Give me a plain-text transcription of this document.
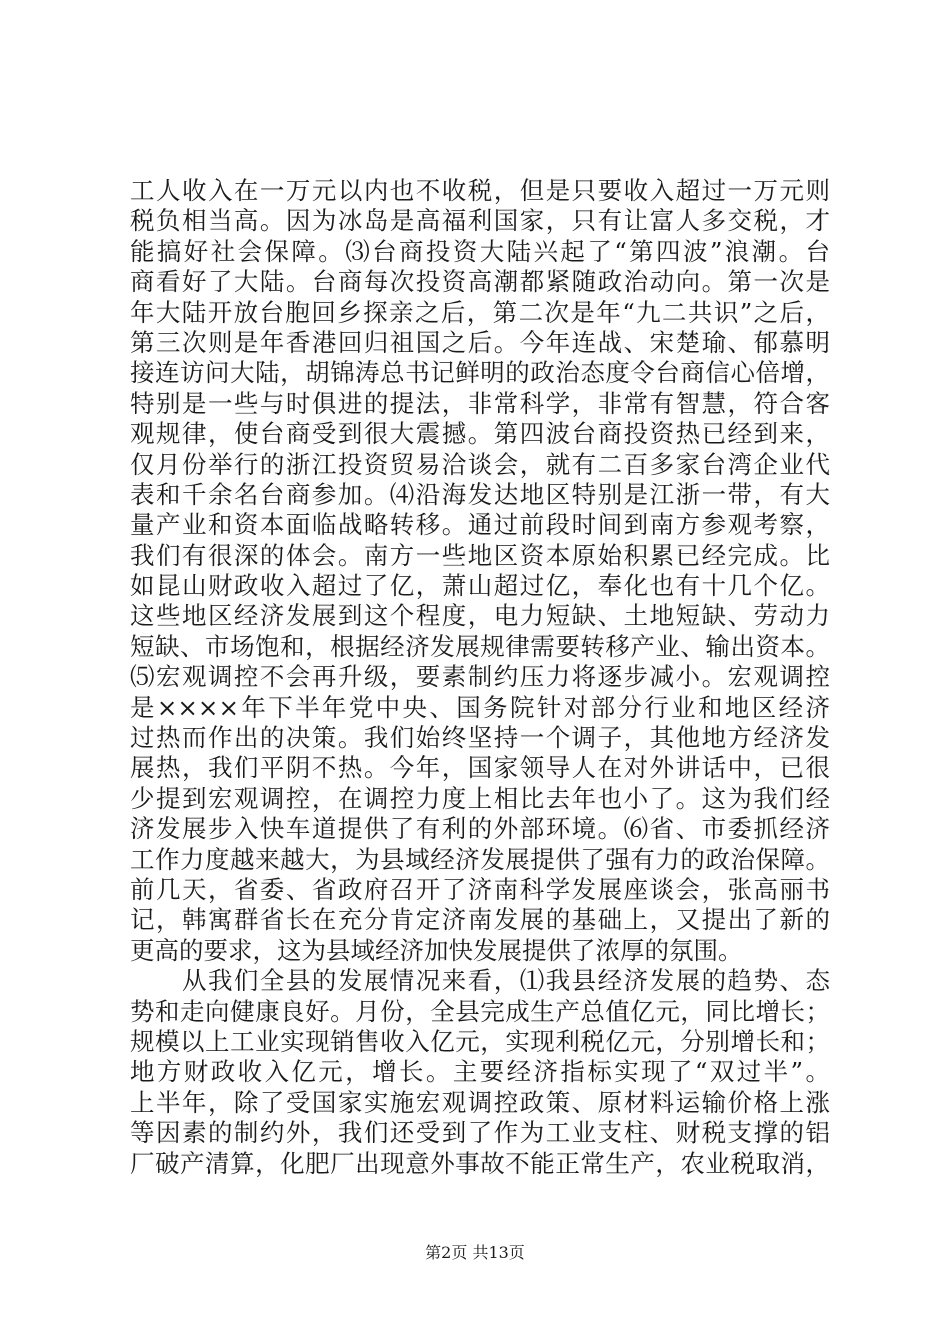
工人收入在一万元以内也不收税，但是只要收入超过一万元则
税负相当高。因为冰岛是高福利国家，只有让富人多交税，才
能搞好社会保障。⑶台商投资大陆兴起了“第四波”浪潮。台
商看好了大陆。台商每次投资高潮都紧随政治动向。第一次是
年大陆开放台胞回乡探亲之后，第二次是年“九二共识”之后，
第三次则是年香港回归祖国之后。今年连战、宋楚瑜、郁慕明
接连访问大陆，胡锦涛总书记鲜明的政治态度令台商信心倍增，
特别是一些与时俱进的提法，非常科学，非常有智慧，符合客
观规律，使台商受到很大震撼。第四波台商投资热已经到来，
仅月份举行的浙江投资贸易洽谈会，就有二百多家台湾企业代
表和千余名台商参加。⑷沿海发达地区特别是江浙一带，有大
量产业和资本面临战略转移。通过前段时间到南方参观考察，
我们有很深的体会。南方一些地区资本原始积累已经完成。比
如昆山财政收入超过了亿，萧山超过亿，奉化也有十几个亿。
这些地区经济发展到这个程度，电力短缺、土地短缺、劳动力
短缺、市场饱和，根据经济发展规律需要转移产业、输出资本。
⑸宏观调控不会再升级，要素制约压力将逐步减小。宏观调控
是××××年下半年党中央、国务院针对部分行业和地区经济
过热而作出的决策。我们始终坚持一个调子，其他地方经济发
展热，我们平阴不热。今年，国家领导人在对外讲话中，已很
少提到宏观调控，在调控力度上相比去年也小了。这为我们经
济发展步入快车道提供了有利的外部环境。⑹省、市委抓经济
工作力度越来越大，为县域经济发展提供了强有力的政治保障。
前几天，省委、省政府召开了济南科学发展座谈会，张高丽书
记，韩寓群省长在充分肯定济南发展的基础上，又提出了新的
更高的要求，这为县域经济加快发展提供了浓厚的氛围。
　　从我们全县的发展情况来看，⑴我县经济发展的趋势、态
势和走向健康良好。月份，全县完成生产总值亿元，同比增长；
规模以上工业实现销售收入亿元，实现利税亿元，分别增长和；
地方财政收入亿元，增长。主要经济指标实现了“双过半”。
上半年，除了受国家实施宏观调控政策、原材料运输价格上涨
等因素的制约外，我们还受到了作为工业支柱、财税支撑的铝
厂破产清算，化肥厂出现意外事故不能正常生产，农业税取消，
第2页 共13页
